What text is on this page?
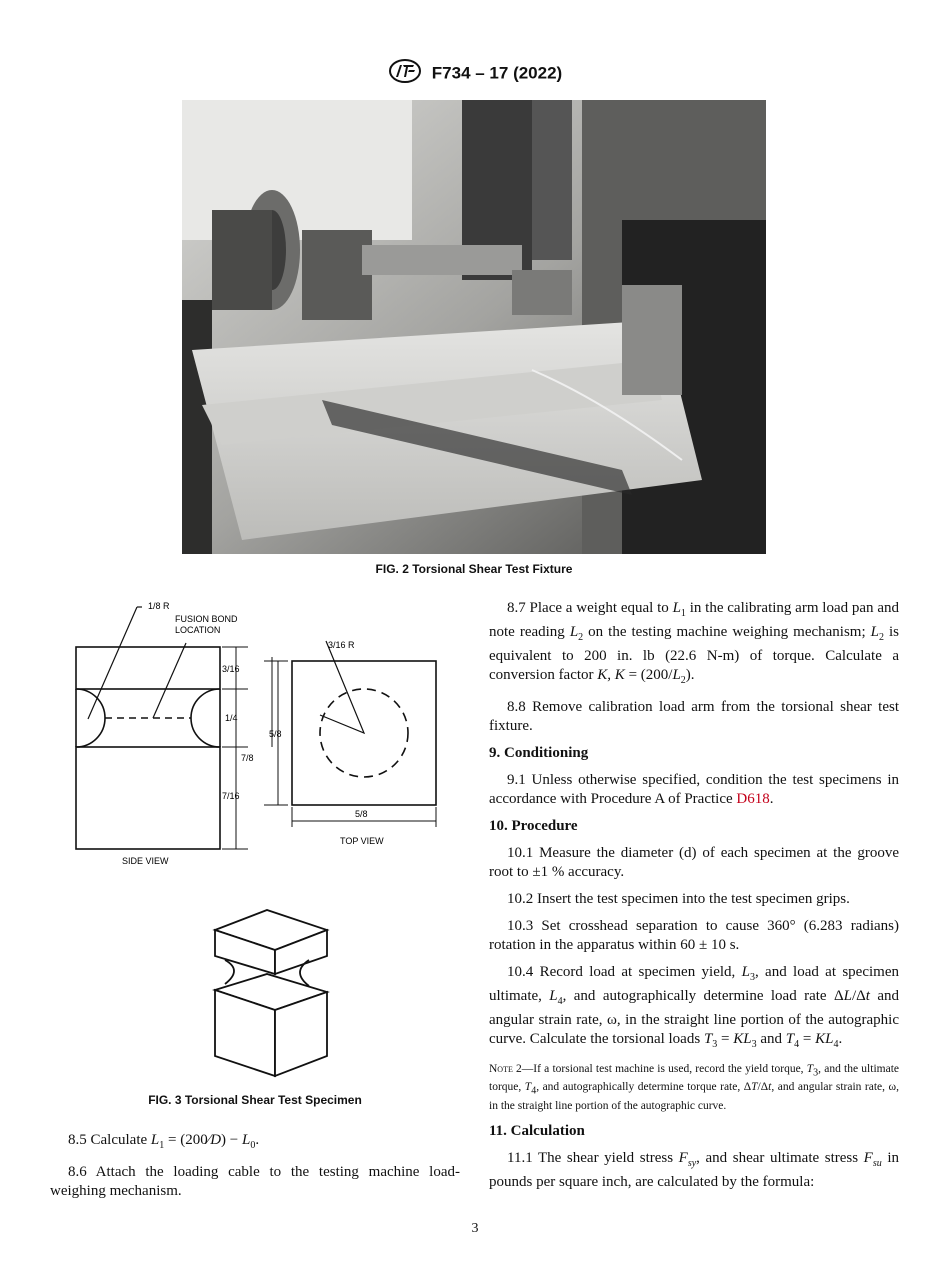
F734 – 17 (2022)
FIG. 2 Torsional Shear Test Fixture
1/8 R
FUSION BOND
LOCATION
3/16
1/4
7/8
7/16
5/8
3/16 R
5/8
SIDE VIEW
TOP VIEW
FIG. 3 Torsional Shear Test Specimen

8.5 Calculate $L_1$ = (200⁄D) − $L_0$.

8.6 Attach the loading cable to the testing machine load-weighing mechanism.

8.7 Place a weight equal to $L_1$ in the calibrating arm load pan and note reading $L_2$ on the testing machine weighing mechanism; $L_2$ is equivalent to 200 in. lb (22.6 N-m) of torque. Calculate a conversion factor K, $K = (200/L_2)$.

8.8 Remove calibration load arm from the torsional shear test fixture.

9. Conditioning

9.1 Unless otherwise specified, condition the test specimens in accordance with Procedure A of Practice D618.

10. Procedure

10.1 Measure the diameter (d) of each specimen at the groove root to ±1 % accuracy.

10.2 Insert the test specimen into the test specimen grips.

10.3 Set crosshead separation to cause 360° (6.283 radians) rotation in the apparatus within 60 ± 10 s.

10.4 Record load at specimen yield, $L_3$, and load at specimen ultimate, $L_4$, and autographically determine load rate ΔL/Δt and angular strain rate, ω, in the straight line portion of the autographic curve. Calculate the torsional loads $T_3 = KL_3$ and $T_4 = KL_4$.

Note 2—If a torsional test machine is used, record the yield torque, $T_3$, and the ultimate torque, $T_4$, and autographically determine torque rate, ΔT/Δt, and angular strain rate, ω, in the straight line portion of the autographic curve.
11. Calculation

11.1 The shear yield stress $F_{sy}$, and shear ultimate stress $F_{su}$ in pounds per square inch, are calculated by the formula:

3
